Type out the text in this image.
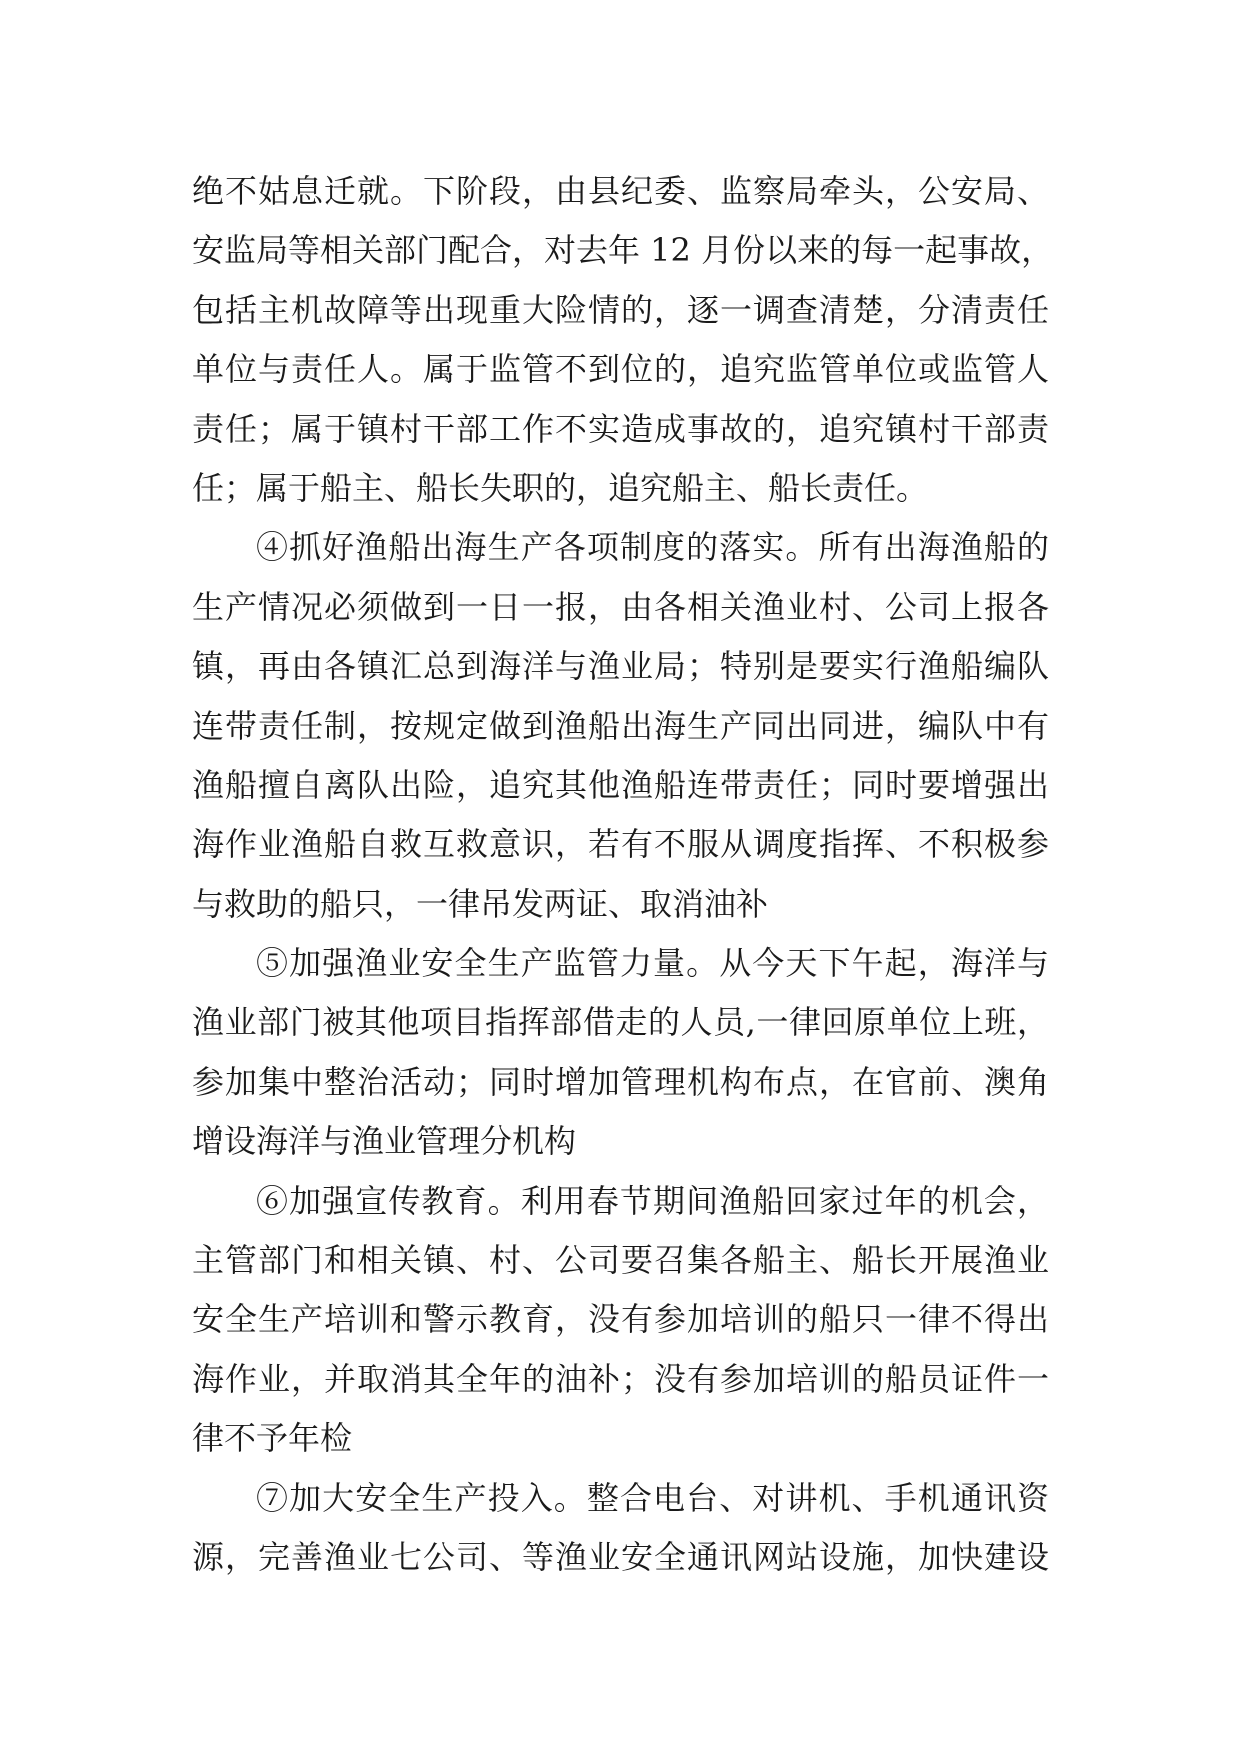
绝不姑息迁就。下阶段，由县纪委、监察局牵头，公安局、
安监局等相关部门配合，对去年 12 月份以来的每一起事故，
包括主机故障等出现重大险情的，逐一调查清楚，分清责任
单位与责任人。属于监管不到位的，追究监管单位或监管人
责任；属于镇村干部工作不实造成事故的，追究镇村干部责
任；属于船主、船长失职的，追究船主、船长责任。
④抓好渔船出海生产各项制度的落实。所有出海渔船的
生产情况必须做到一日一报，由各相关渔业村、公司上报各
镇，再由各镇汇总到海洋与渔业局；特别是要实行渔船编队
连带责任制，按规定做到渔船出海生产同出同进，编队中有
渔船擅自离队出险，追究其他渔船连带责任；同时要增强出
海作业渔船自救互救意识，若有不服从调度指挥、不积极参
与救助的船只，一律吊发两证、取消油补
⑤加强渔业安全生产监管力量。从今天下午起，海洋与
渔业部门被其他项目指挥部借走的人员,一律回原单位上班，
参加集中整治活动；同时增加管理机构布点，在官前、澳角
增设海洋与渔业管理分机构
⑥加强宣传教育。利用春节期间渔船回家过年的机会，
主管部门和相关镇、村、公司要召集各船主、船长开展渔业
安全生产培训和警示教育，没有参加培训的船只一律不得出
海作业，并取消其全年的油补；没有参加培训的船员证件一
律不予年检
⑦加大安全生产投入。整合电台、对讲机、手机通讯资
源，完善渔业七公司、等渔业安全通讯网站设施，加快建设
